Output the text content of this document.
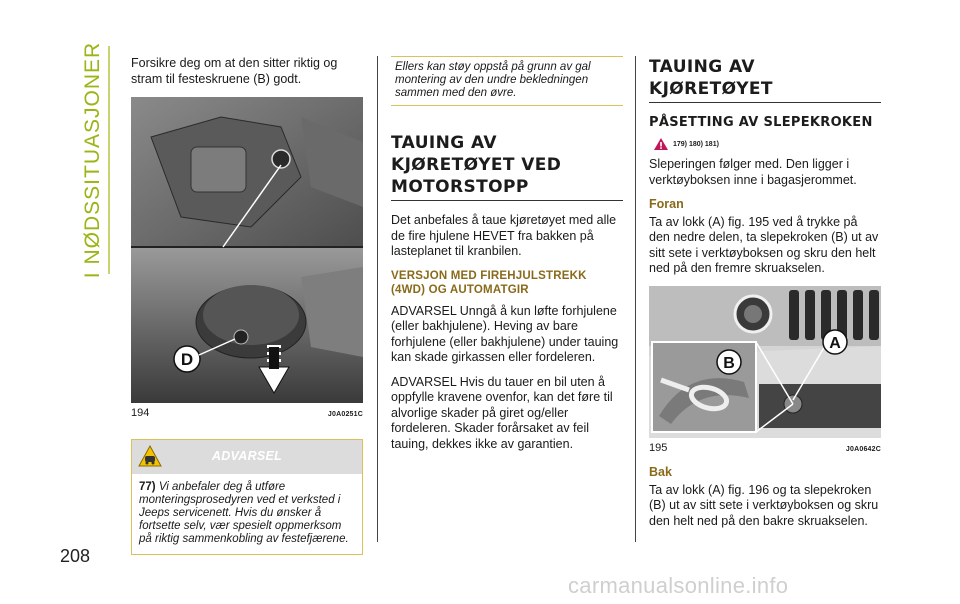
I NØDSSITUASJONER
208

Forsikre deg om at den sitter riktig og stram til festeskruene (B) godt.

D
194	J0A0251C
ADVARSEL
77) Vi anbefaler deg å utføre monteringsprosedyren ved et verksted i Jeeps servicenett. Hvis du ønsker å fortsette selv, vær spesielt oppmerksom på riktig sammenkobling av festefjærene.
Ellers kan støy oppstå på grunn av gal montering av den undre bekledningen sammen med den øvre.
TAUING AV KJØRETØYET VED MOTORSTOPP

Det anbefales å taue kjøretøyet med alle de fire hjulene HEVET fra bakken på lasteplanet til kranbilen.

VERSJON MED FIREHJULSTREKK (4WD) OG AUTOMATGIR

ADVARSEL Unngå å kun løfte forhjulene (eller bakhjulene). Heving av bare forhjulene (eller bakhjulene) under tauing kan skade girkassen eller fordeleren.

ADVARSEL Hvis du tauer en bil uten å oppfylle kravene ovenfor, kan det føre til alvorlige skader på giret og/eller fordeleren. Skader forårsaket av feil tauing, dekkes ikke av garantien.

TAUING AV KJØRETØYET
PÅSETTING AV SLEPEKROKEN
179) 180) 181)

Sleperingen følger med. Den ligger i verktøyboksen inne i bagasjerommet.

Foran

Ta av lokk (A) fig. 195 ved å trykke på den nedre delen, ta slepekroken (B) ut av sitt sete i verktøyboksen og skru den helt ned på den fremre skruakselen.

A
B
195	J0A0642C
Bak

Ta av lokk (A) fig. 196 og ta slepekroken (B) ut av sitt sete i verktøyboksen og skru den helt ned på den bakre skruakselen.

carmanualsonline.info
